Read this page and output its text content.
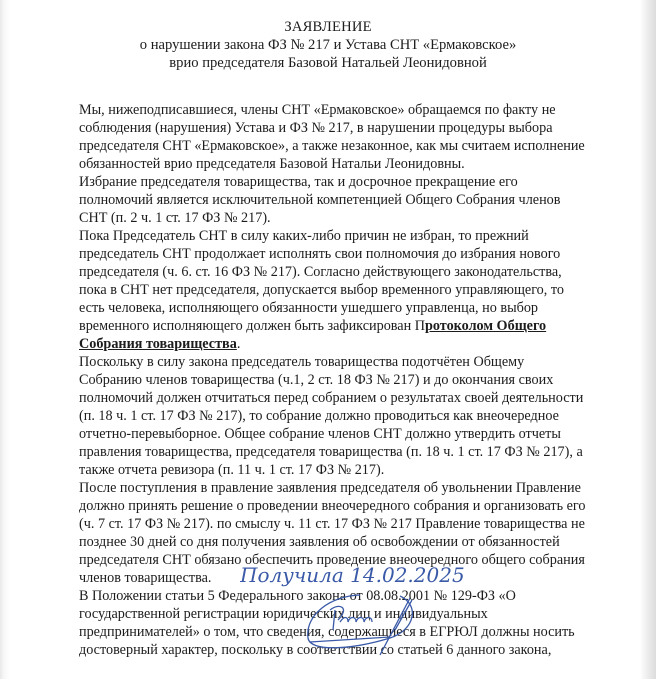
ЗАЯВЛЕНИЕ
о нарушении закона ФЗ № 217 и Устава СНТ «Ермаковское»
врио председателя Базовой Натальей Леонидовной
Мы, нижеподписавшиеся, члены СНТ «Ермаковское» обращаемся по факту не
соблюдения (нарушения) Устава и ФЗ № 217, в нарушении процедуры выбора
председателя СНТ «Ермаковское», а также незаконное, как мы считаем исполнение
обязанностей врио председателя Базовой Натальи Леонидовны.
Избрание председателя товарищества, так и досрочное прекращение его
полномочий является исключительной компетенцией Общего Собрания членов
СНТ (п. 2 ч. 1 ст. 17 ФЗ № 217).
Пока Председатель СНТ в силу каких-либо причин не избран, то прежний
председатель СНТ продолжает исполнять свои полномочия до избрания нового
председателя (ч. 6. ст. 16 ФЗ № 217). Согласно действующего законодательства,
пока в СНТ нет председателя, допускается выбор временного управляющего, то
есть человека, исполняющего обязанности ушедшего управленца, но выбор
временного исполняющего должен быть зафиксирован Протоколом Общего
Собрания товарищества.
Поскольку в силу закона председатель товарищества подотчётен Общему
Собранию членов товарищества (ч.1, 2 ст. 18 ФЗ № 217) и до окончания своих
полномочий должен отчитаться перед собранием о результатах своей деятельности
(п. 18 ч. 1 ст. 17 ФЗ № 217), то собрание должно проводиться как внеочередное
отчетно-перевыборное. Общее собрание членов СНТ должно утвердить отчеты
правления товарищества, председателя товарищества (п. 18 ч. 1 ст. 17 ФЗ № 217), а
также отчета ревизора (п. 11 ч. 1 ст. 17 ФЗ № 217).
После поступления в правление заявления председателя об увольнении Правление
должно принять решение о проведении внеочередного собрания и организовать его
(ч. 7 ст. 17 ФЗ № 217). по смыслу ч. 11 ст. 17 ФЗ № 217 Правление товарищества не
позднее 30 дней со дня получения заявления об освобождении от обязанностей
председателя СНТ обязано обеспечить проведение внеочередного общего собрания
членов товарищества.
В Положении статьи 5 Федерального закона от 08.08.2001 № 129-ФЗ «О
государственной регистрации юридических лиц и индивидуальных
предпринимателей» о том, что сведения, содержащиеся в ЕГРЮЛ должны носить
достоверный характер, поскольку в соответствии со статьей 6 данного закона,
Получила 14.02.2025
